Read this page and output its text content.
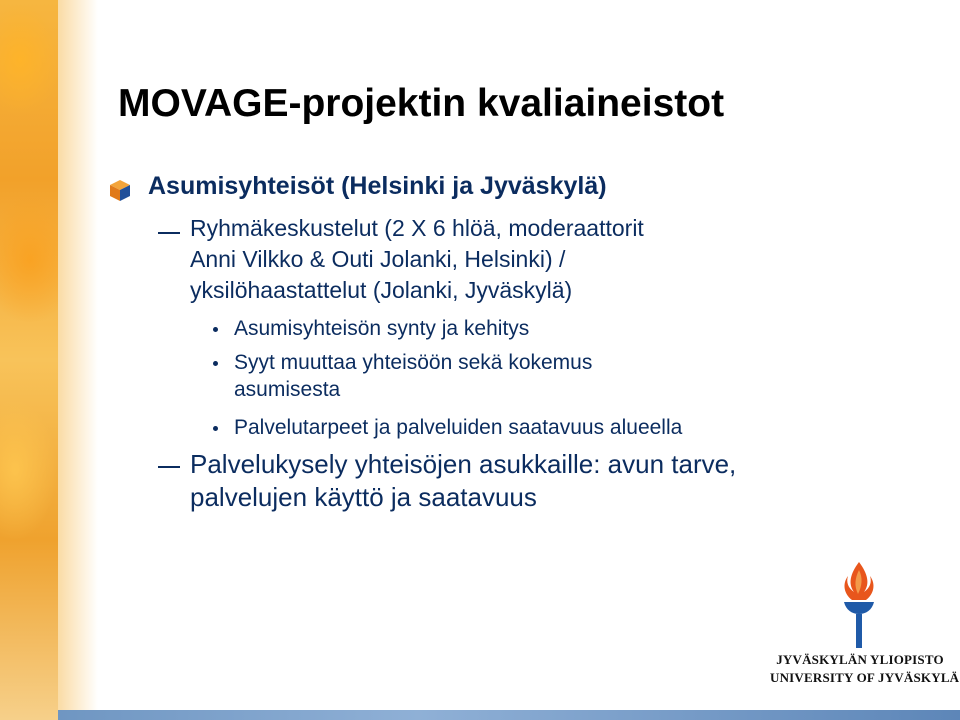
MOVAGE-projektin kvaliaineistot
Asumisyhteisöt (Helsinki ja Jyväskylä)
Ryhmäkeskustelut (2 X 6 hlöä, moderaattorit
Anni Vilkko & Outi Jolanki, Helsinki) /
yksilöhaastattelut (Jolanki, Jyväskylä)
Asumisyhteisön synty ja kehitys
Syyt muuttaa yhteisöön sekä kokemus
asumisesta
Palvelutarpeet ja palveluiden saatavuus alueella
Palvelukysely yhteisöjen asukkaille: avun tarve,
palvelujen käyttö ja saatavuus
JYVÄSKYLÄN YLIOPISTO
UNIVERSITY OF JYVÄSKYLÄ
